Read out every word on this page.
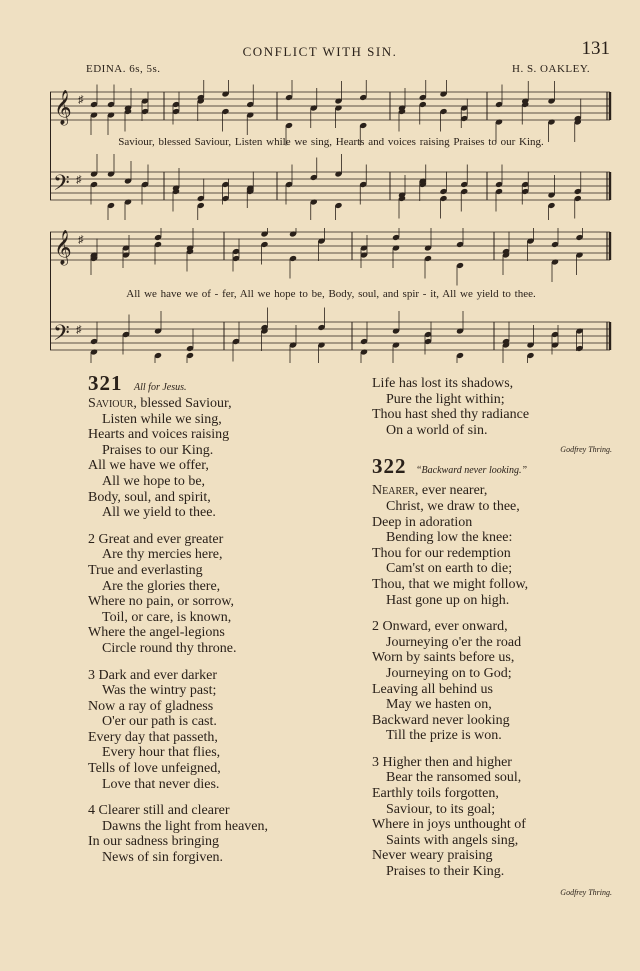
CONFLICT WITH SIN.	131
EDINA. 6s, 5s.	H. S. OAKLEY.
𝄞
𝄢
♯
♯
Saviour, blessed Saviour, Listen while we sing, Hearts and voices raising Praises to our King.
𝄞
𝄢
♯
♯
All we have we of - fer, All we hope to be, Body, soul, and spir - it, All we yield to thee.
321 All for Jesus.
Saviour, blessed Saviour,
Listen while we sing,
Hearts and voices raising
Praises to our King.
All we have we offer,
All we hope to be,
Body, soul, and spirit,
All we yield to thee.
2 Great and ever greater
Are thy mercies here,
True and everlasting
Are the glories there,
Where no pain, or sorrow,
Toil, or care, is known,
Where the angel-legions
Circle round thy throne.
3 Dark and ever darker
Was the wintry past;
Now a ray of gladness
O'er our path is cast.
Every day that passeth,
Every hour that flies,
Tells of love unfeigned,
Love that never dies.
4 Clearer still and clearer
Dawns the light from heaven,
In our sadness bringing
News of sin forgiven.
Life has lost its shadows,
Pure the light within;
Thou hast shed thy radiance
On a world of sin.
Godfrey Thring.
322 “Backward never looking.”
Nearer, ever nearer,
Christ, we draw to thee,
Deep in adoration
Bending low the knee:
Thou for our redemption
Cam'st on earth to die;
Thou, that we might follow,
Hast gone up on high.
2 Onward, ever onward,
Journeying o'er the road
Worn by saints before us,
Journeying on to God;
Leaving all behind us
May we hasten on,
Backward never looking
Till the prize is won.
3 Higher then and higher
Bear the ransomed soul,
Earthly toils forgotten,
Saviour, to its goal;
Where in joys unthought of
Saints with angels sing,
Never weary praising
Praises to their King.
Godfrey Thring.
